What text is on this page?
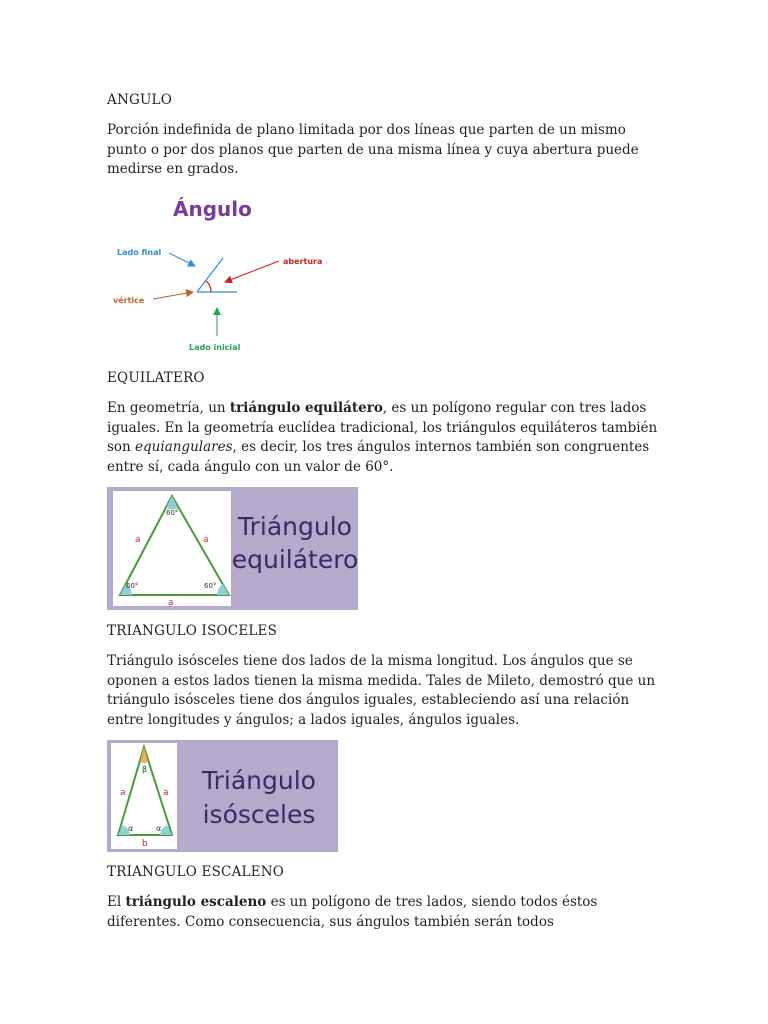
ANGULO

Porción indefinida de plano limitada por dos líneas que parten de un mismo punto o por dos planos que parten de una misma línea y cuya abertura puede medirse en grados.

Ángulo
Lado final
abertura
vértice
Lado inicial
EQUILATERO

En geometría, un triángulo equilátero, es un polígono regular con tres lados iguales. En la geometría euclídea tradicional, los triángulos equiláteros también son equiangulares, es decir, los tres ángulos internos también son congruentes entre sí, cada ángulo con un valor de 60°.

60°
60°	60°
a	a
a
Triángulo
equilátero
TRIANGULO ISOCELES

Triángulo isósceles tiene dos lados de la misma longitud. Los ángulos que se oponen a estos lados tienen la misma medida. Tales de Mileto, demostró que un triángulo isósceles tiene dos ángulos iguales, estableciendo así una relación entre longitudes y ángulos; a lados iguales, ángulos iguales.

β
α	α
a	a
b
Triángulo
isósceles
TRIANGULO ESCALENO

El triángulo escaleno es un polígono de tres lados, siendo todos éstos diferentes. Como consecuencia, sus ángulos también serán todos
